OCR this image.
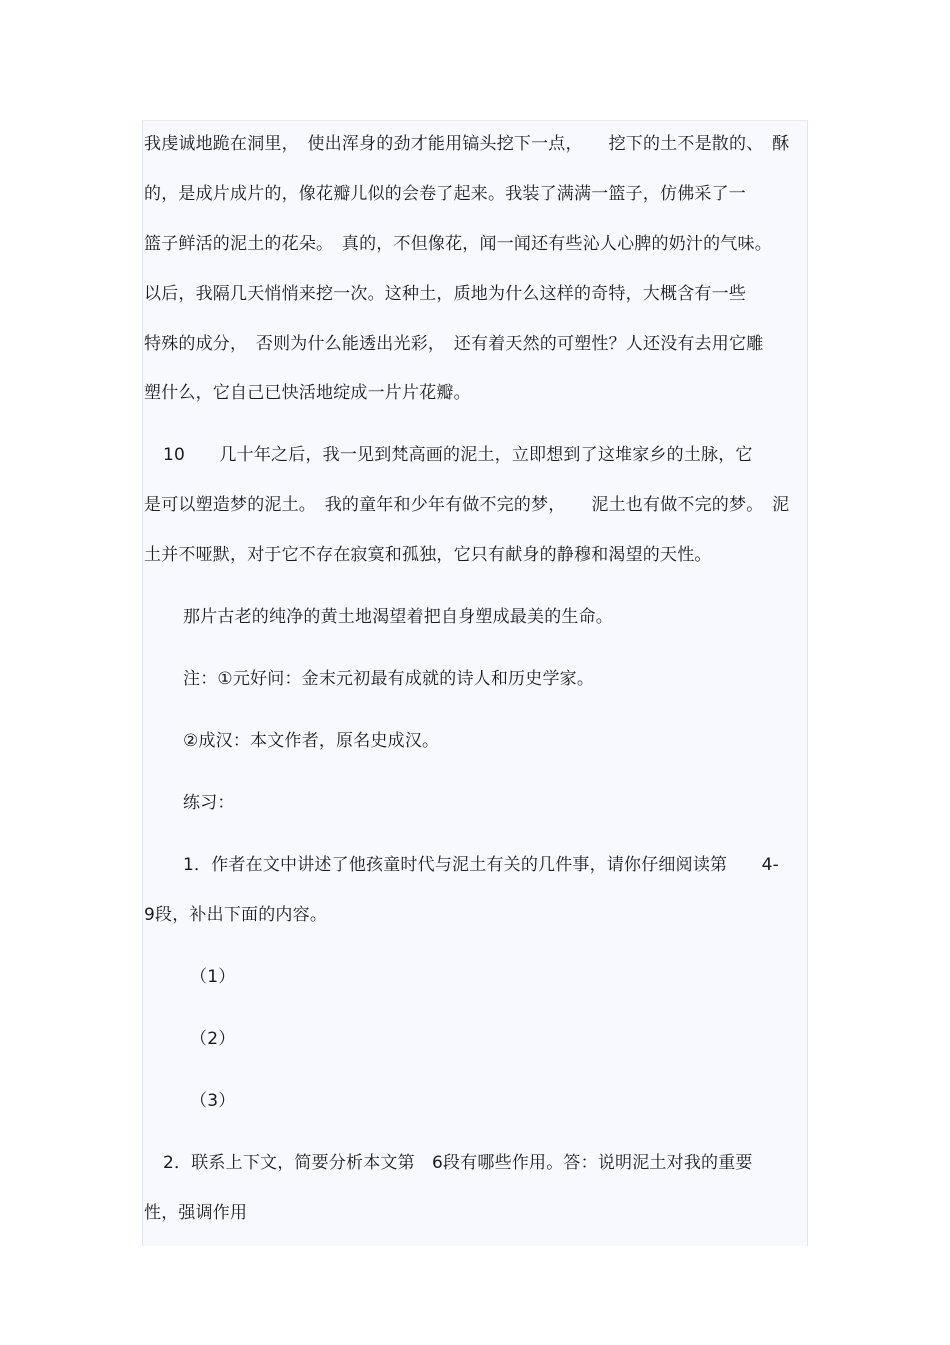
我虔诚地跪在洞里，　使出浑身的劲才能用镐头挖下一点，　　挖下的土不是散的、　酥
的，是成片成片的，像花瓣儿似的会卷了起来。我装了满满一篮子，仿佛采了一
篮子鲜活的泥土的花朵。　真的，不但像花，闻一闻还有些沁人心脾的奶汁的气味。
以后，我隔几天悄悄来挖一次。这种土，质地为什么这样的奇特，大概含有一些
特殊的成分，　否则为什么能透出光彩，　还有着天然的可塑性？人还没有去用它雕
塑什么，它自己已快活地绽成一片片花瓣。
10　　几十年之后，我一见到梵高画的泥土，立即想到了这堆家乡的土脉，它
是可以塑造梦的泥土。　我的童年和少年有做不完的梦，　　泥土也有做不完的梦。　泥
土并不哑默，对于它不存在寂寞和孤独，它只有献身的静穆和渴望的天性。
那片古老的纯净的黄土地渴望着把自身塑成最美的生命。
注：①元好问：金末元初最有成就的诗人和历史学家。
②成汉：本文作者，原名史成汉。
练习：
1．作者在文中讲述了他孩童时代与泥土有关的几件事，请你仔细阅读第　　4-
9段，补出下面的内容。
（1）
（2）
（3）
2．联系上下文，简要分析本文第　6段有哪些作用。答：说明泥土对我的重要
性，强调作用
